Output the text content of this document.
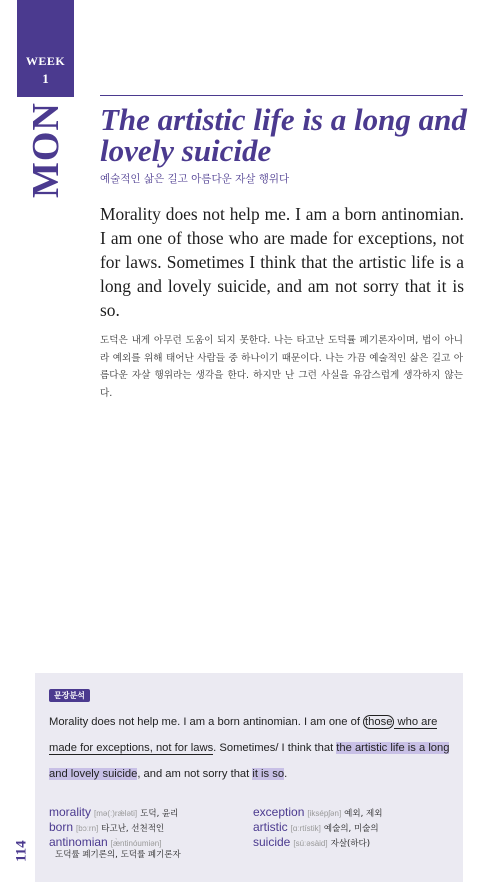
WEEK
1
MON The artistic life is a long and lovely suicide
예술적인 삶은 길고 아름다운 자살 행위다
Morality does not help me. I am a born antinomian. I am one of those who are made for exceptions, not for laws. Sometimes I think that the artistic life is a long and lovely suicide, and am not sorry that it is so.
도덕은 내게 아무런 도움이 되지 못한다. 나는 타고난 도덕률 폐기론자이며, 법이 아니라 예외를 위해 태어난 사람들 중 하나이기 때문이다. 나는 가끔 예술적인 삶은 길고 아름다운 자살 행위라는 생각을 한다. 하지만 난 그런 사실을 유감스럽게 생각하지 않는다.
문장분석
Morality does not help me. I am a born antinomian. I am one of those who are made for exceptions, not for laws. Sometimes/ I think that the artistic life is a long and lovely suicide, and am not sorry that it is so.
morality [mə(ː)rǽləti] 도덕, 윤리
born [bɔːrn] 타고난, 선천적인
antinomian [æ̀ntinóumiən]
도덕률 폐기론의, 도덕률 폐기론자
exception [iksépʃən] 예외, 제외
artistic [ɑːrtístik] 예술의, 미술의
suicide [súːəsàid] 자살(하다)
114
